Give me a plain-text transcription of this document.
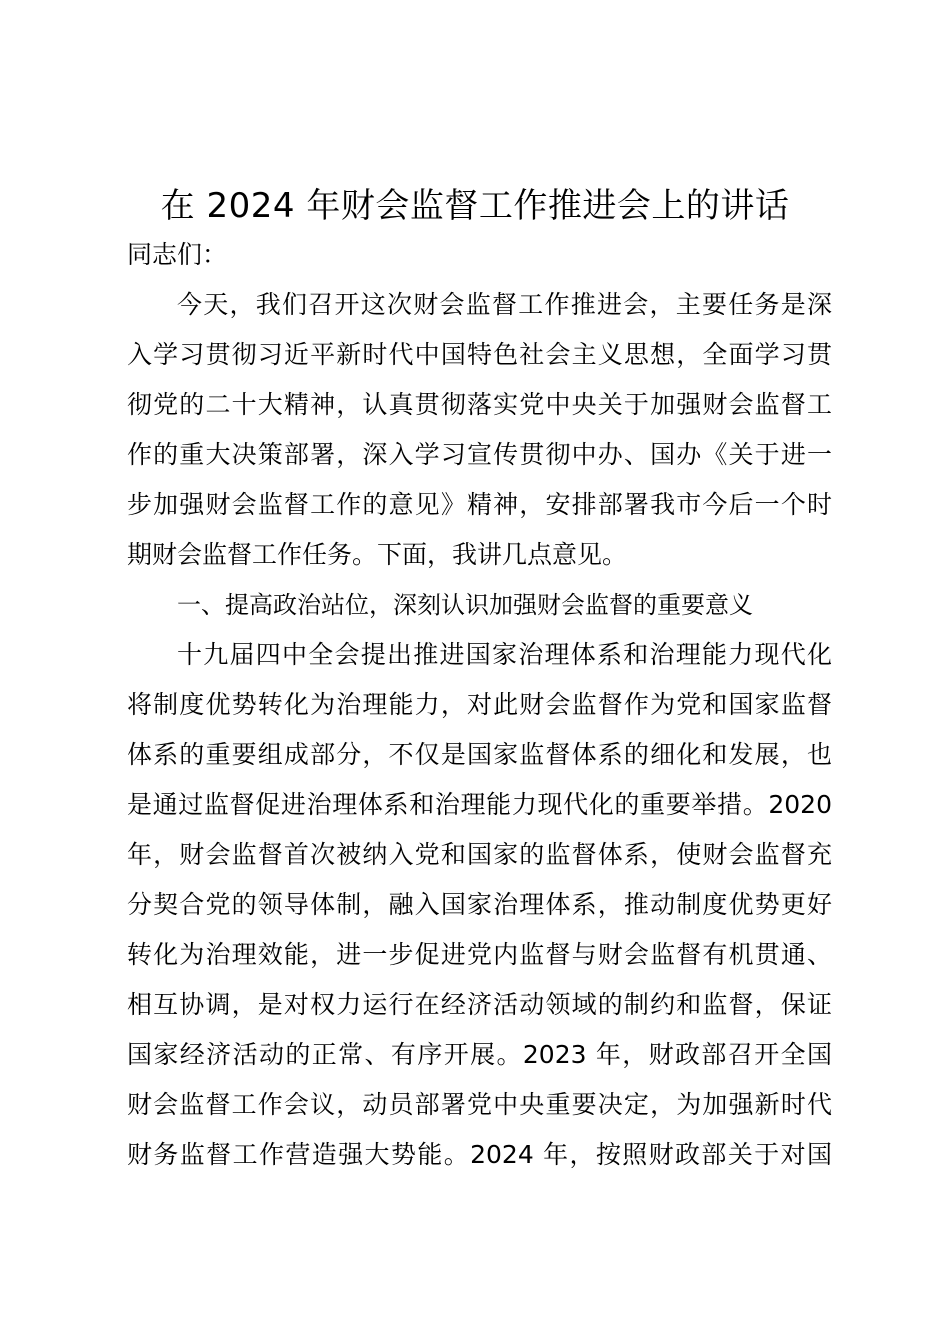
在 2024 年财会监督工作推进会上的讲话
同志们：
今天，我们召开这次财会监督工作推进会，主要任务是深
入学习贯彻习近平新时代中国特色社会主义思想，全面学习贯
彻党的二十大精神，认真贯彻落实党中央关于加强财会监督工
作的重大决策部署，深入学习宣传贯彻中办、国办《关于进一
步加强财会监督工作的意见》精神，安排部署我市今后一个时
期财会监督工作任务。下面，我讲几点意见。
一、提高政治站位，深刻认识加强财会监督的重要意义
十九届四中全会提出推进国家治理体系和治理能力现代化
将制度优势转化为治理能力，对此财会监督作为党和国家监督
体系的重要组成部分，不仅是国家监督体系的细化和发展，也
是通过监督促进治理体系和治理能力现代化的重要举措。2020
年，财会监督首次被纳入党和国家的监督体系，使财会监督充
分契合党的领导体制，融入国家治理体系，推动制度优势更好
转化为治理效能，进一步促进党内监督与财会监督有机贯通、
相互协调，是对权力运行在经济活动领域的制约和监督，保证
国家经济活动的正常、有序开展。2023 年，财政部召开全国
财会监督工作会议，动员部署党中央重要决定，为加强新时代
财务监督工作营造强大势能。2024 年，按照财政部关于对国
